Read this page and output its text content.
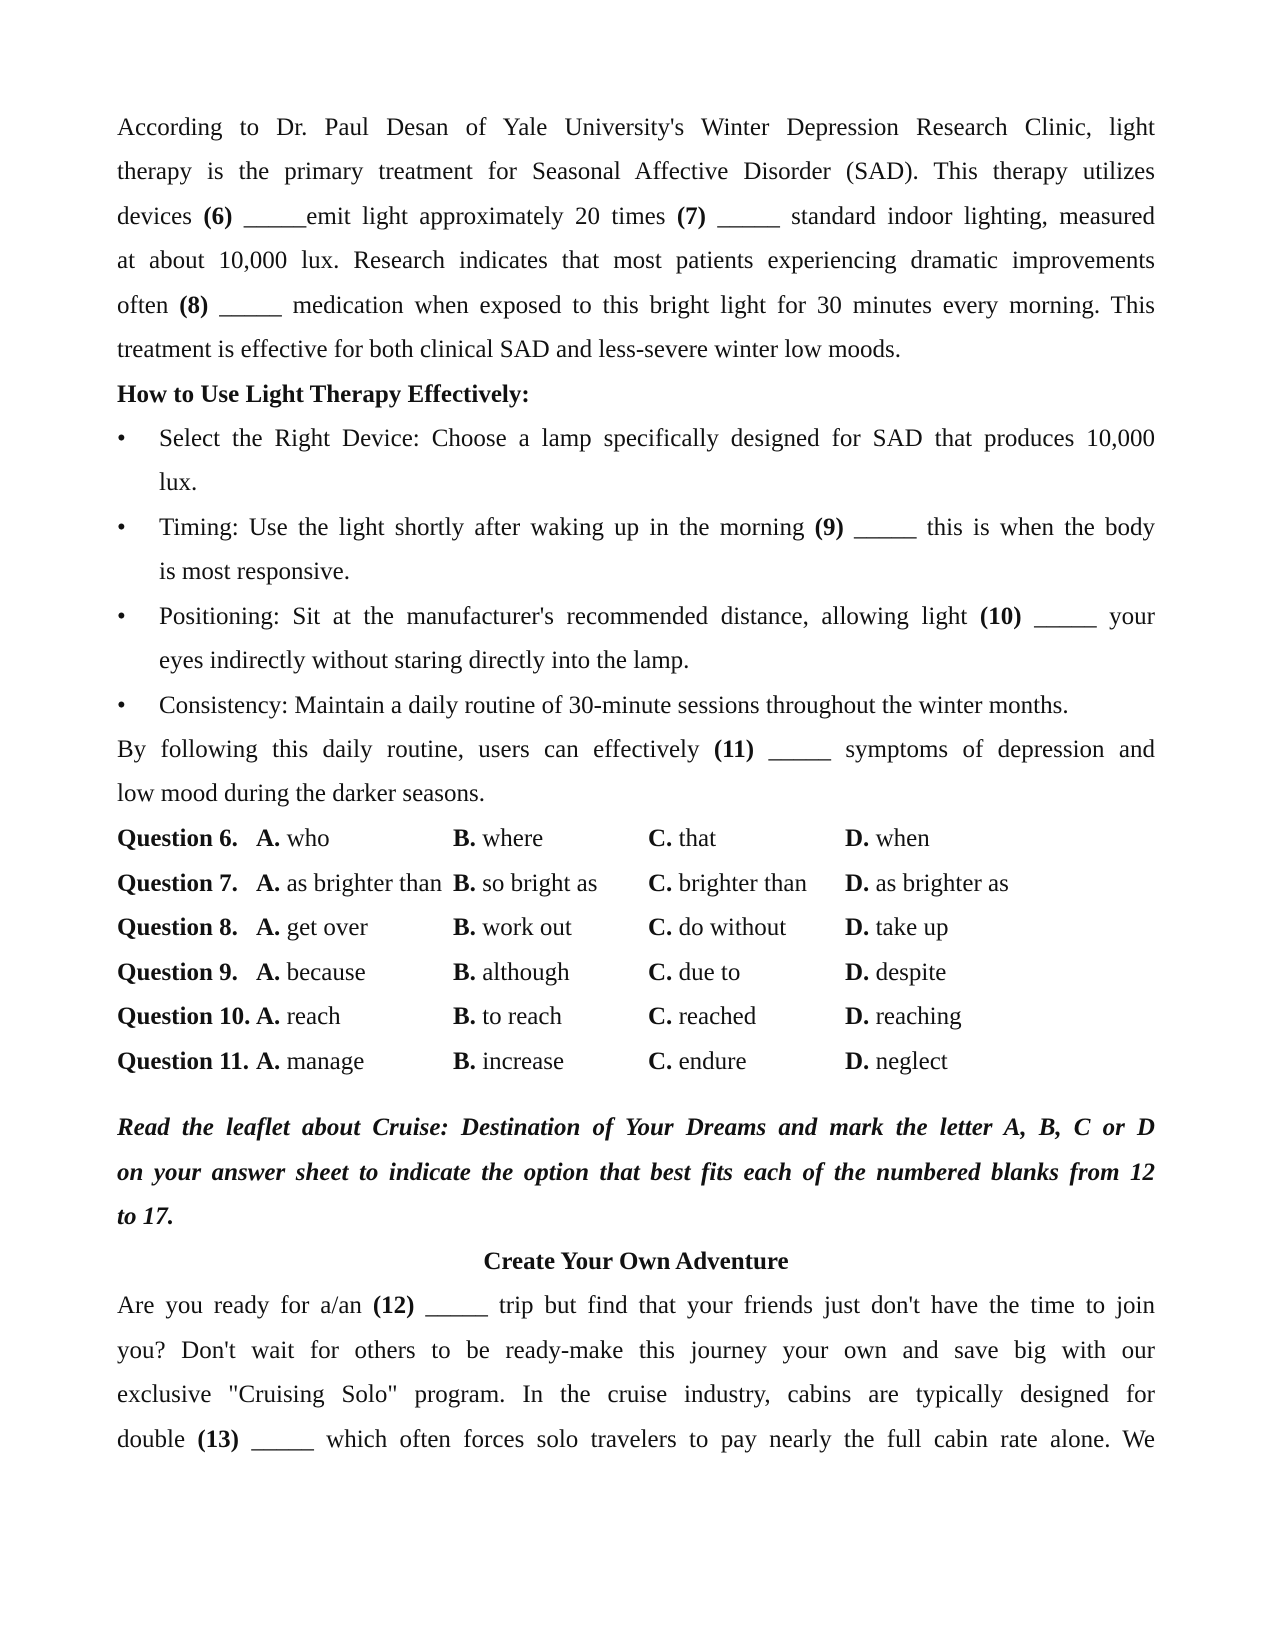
According to Dr. Paul Desan of Yale University's Winter Depression Research Clinic, light
therapy is the primary treatment for Seasonal Affective Disorder (SAD). This therapy utilizes
devices (6) _____emit light approximately 20 times (7) _____ standard indoor lighting, measured
at about 10,000 lux. Research indicates that most patients experiencing dramatic improvements
often (8) _____ medication when exposed to this bright light for 30 minutes every morning. This
treatment is effective for both clinical SAD and less-severe winter low moods.
How to Use Light Therapy Effectively:
• Select the Right Device: Choose a lamp specifically designed for SAD that produces 10,000
lux.
• Timing: Use the light shortly after waking up in the morning (9) _____ this is when the body
is most responsive.
• Positioning: Sit at the manufacturer's recommended distance, allowing light (10) _____ your
eyes indirectly without staring directly into the lamp.
• Consistency: Maintain a daily routine of 30-minute sessions throughout the winter months.
By following this daily routine, users can effectively (11) _____ symptoms of depression and
low mood during the darker seasons.
Question 6. A. who	B. where	C. that	D. when
Question 7. A. as brighter than B. so bright as C. brighter than D. as brighter as
Question 8. A. get over	B. work out	C. do without D. take up
Question 9. A. because	B. although	C. due to	D. despite
Question 10. A. reach	B. to reach	C. reached	D. reaching
Question 11. A. manage	B. increase	C. endure	D. neglect
Read the leaflet about Cruise: Destination of Your Dreams and mark the letter A, B, C or D
on your answer sheet to indicate the option that best fits each of the numbered blanks from 12
to 17.
Create Your Own Adventure
Are you ready for a/an (12) _____ trip but find that your friends just don't have the time to join
you? Don't wait for others to be ready-make this journey your own and save big with our
exclusive "Cruising Solo" program. In the cruise industry, cabins are typically designed for
double (13) _____ which often forces solo travelers to pay nearly the full cabin rate alone. We
